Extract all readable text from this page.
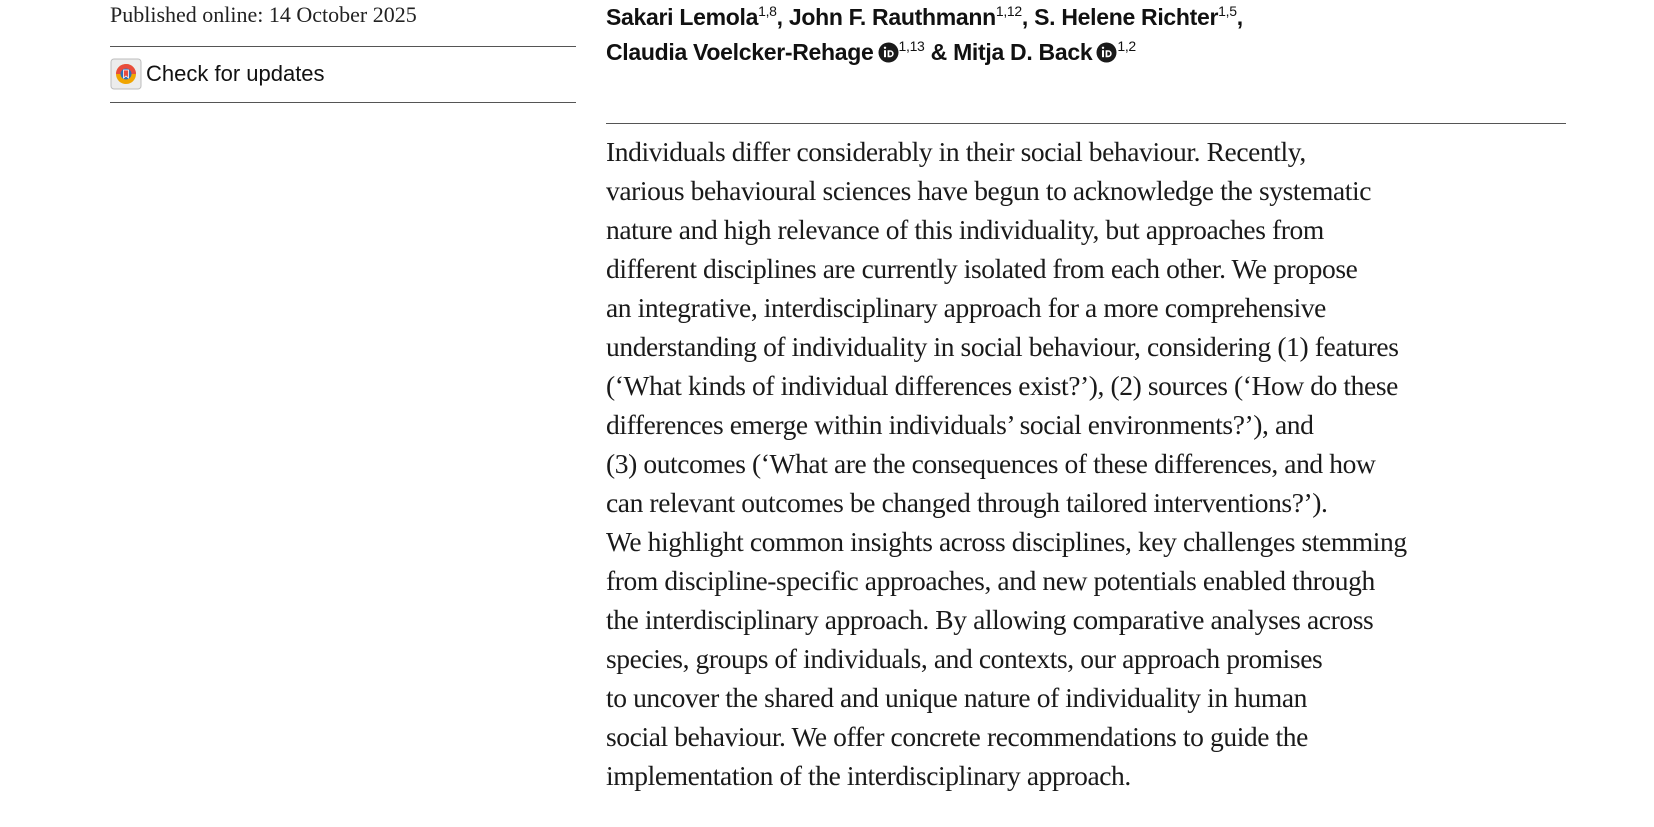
Published online: 14 October 2025
Check for updates
Sakari Lemola$^{1,8}$, John F. Rauthmann$^{1,12}$, S. Helene Richter$^{1,5}$,
Claudia Voelcker-Rehage $^{1,13}$ & Mitja D. Back $^{1,2}$
Individuals differ considerably in their social behaviour. Recently,
various behavioural sciences have begun to acknowledge the systematic
nature and high relevance of this individuality, but approaches from
different disciplines are currently isolated from each other. We propose
an integrative, interdisciplinary approach for a more comprehensive
understanding of individuality in social behaviour, considering (1) features
(‘What kinds of individual differences exist?’), (2) sources (‘How do these
differences emerge within individuals’ social environments?’), and
(3) outcomes (‘What are the consequences of these differences, and how
can relevant outcomes be changed through tailored interventions?’).
We highlight common insights across disciplines, key challenges stemming
from discipline-specific approaches, and new potentials enabled through
the interdisciplinary approach. By allowing comparative analyses across
species, groups of individuals, and contexts, our approach promises
to uncover the shared and unique nature of individuality in human
social behaviour. We offer concrete recommendations to guide the
implementation of the interdisciplinary approach.
